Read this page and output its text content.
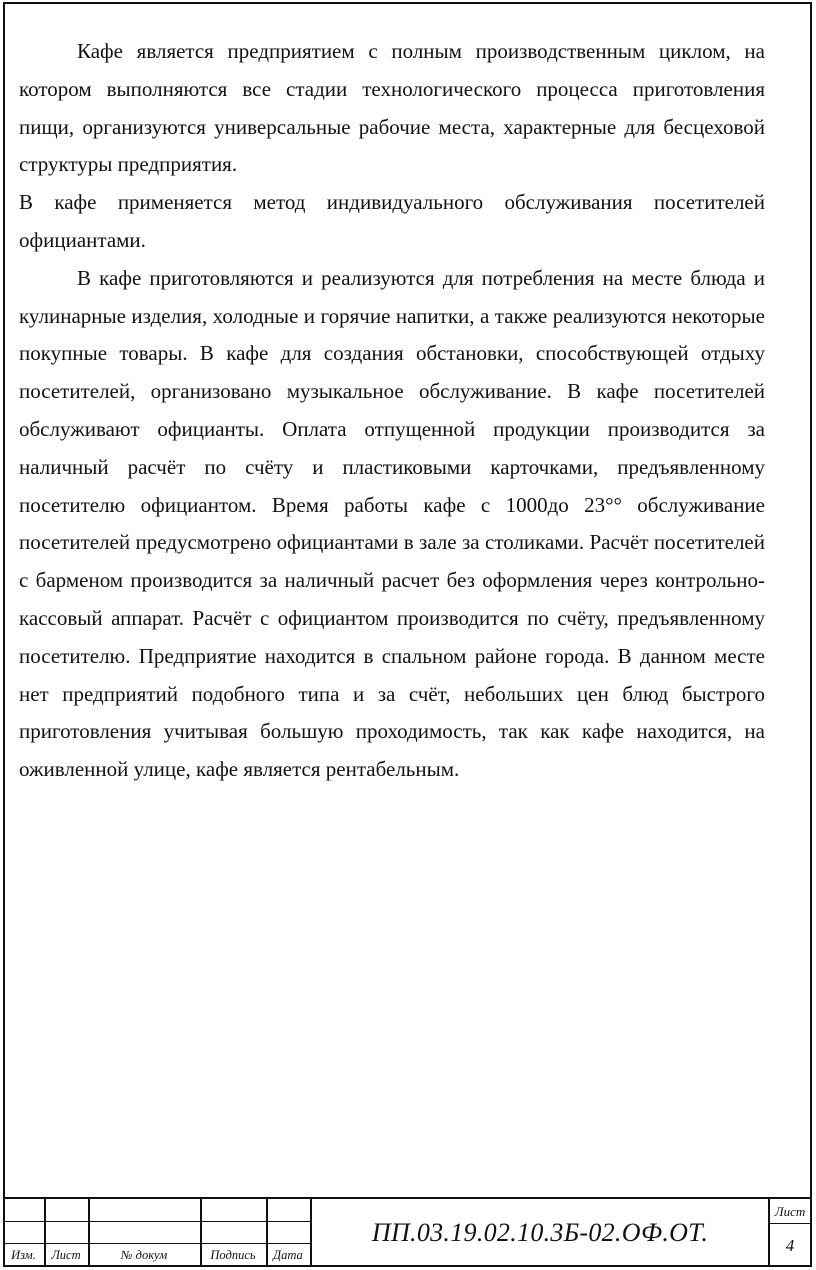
Кафе является предприятием с полным производственным циклом, на котором выполняются все стадии технологического процесса приготовления пищи, организуются универсальные рабочие места, характерные для бесцеховой структуры предприятия.

В кафе применяется метод индивидуального обслуживания посетителей официантами.

В кафе приготовляются и реализуются для потребления на месте блюда и кулинарные изделия, холодные и горячие напитки, а также реализуются некоторые покупные товары. В кафе для создания обстановки, способствующей отдыху посетителей, организовано музыкальное обслуживание. В кафе посетителей обслуживают официанты. Оплата отпущенной продукции производится за наличный расчёт по счёту и пластиковыми карточками, предъявленному посетителю официантом. Время работы кафе с 1000до 23°° обслуживание посетителей предусмотрено официантами в зале за столиками. Расчёт посетителей с барменом производится за наличный расчет без оформления через контрольно-кассовый аппарат. Расчёт с официантом производится по счёту, предъявленному посетителю. Предприятие находится в спальном районе города. В данном месте нет предприятий подобного типа и за счёт, небольших цен блюд быстрого приготовления учитывая большую проходимость, так как кафе находится, на оживленной улице, кафе является рентабельным.

Изм.	Лист	№ докум	Подпись	Дата
ПП.03.19.02.10.3Б-02.ОФ.ОТ.
Лист
4
